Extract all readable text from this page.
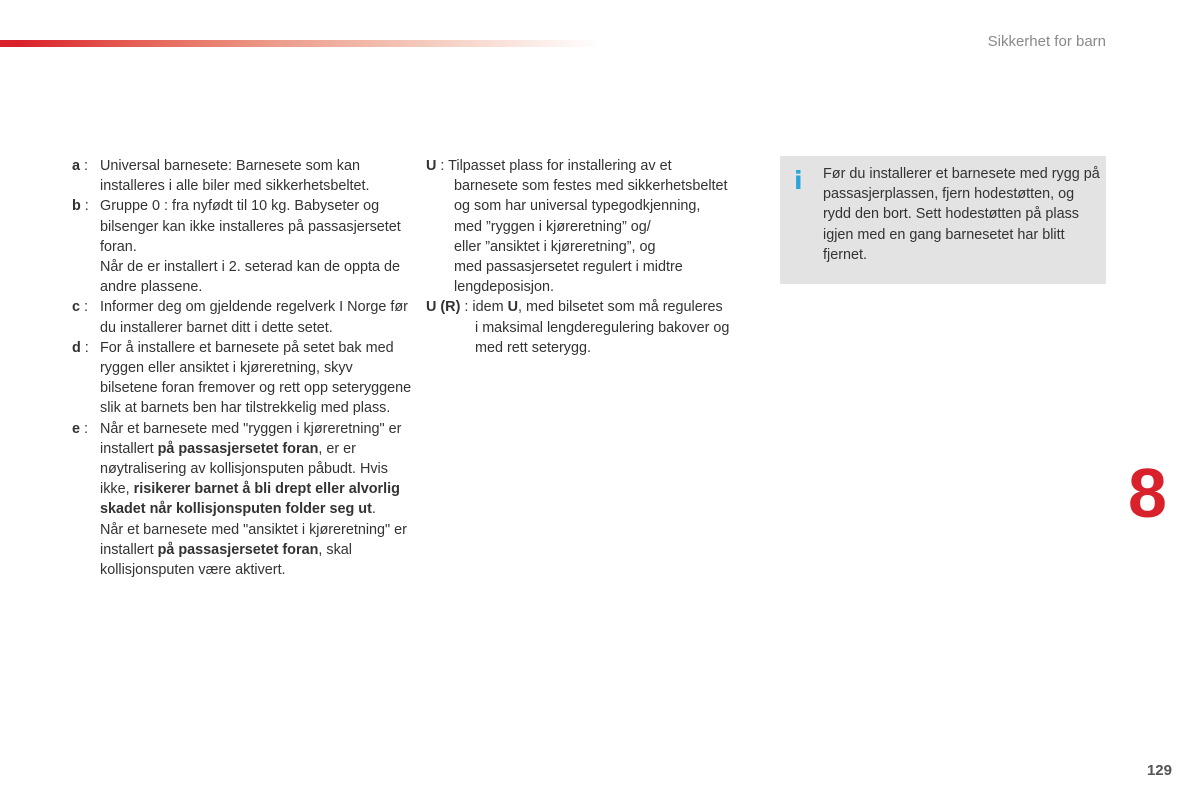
Sikkerhet for barn
a : Universal barnesete: Barnesete som kan installeres i alle biler med sikkerhetsbeltet.

b : Gruppe 0 : fra nyfødt til 10 kg. Babyseter og bilsenger kan ikke installeres på passasjersetet foran.

Når de er installert i 2. seterad kan de oppta de andre plassene.

c : Informer deg om gjeldende regelverk I Norge før du installerer barnet ditt i dette setet.

d : For å installere et barnesete på setet bak med ryggen eller ansiktet i kjøreretning, skyv bilsetene foran fremover og rett opp seteryggene slik at barnets ben har tilstrekkelig med plass.

e : Når et barnesete med "ryggen i kjøreretning" er installert på passasjersetet foran, er er nøytralisering av kollisjonsputen påbudt. Hvis ikke, risikerer barnet å bli drept eller alvorlig skadet når kollisjonsputen folder seg ut.

Når et barnesete med "ansiktet i kjøreretning" er installert på passasjersetet foran, skal kollisjonsputen være aktivert.

U : Tilpasset plass for installering av et
barnesete som festes med sikkerhetsbeltet
og som har universal typegodkjenning,
med ”ryggen i kjøreretning” og/
eller ”ansiktet i kjøreretning”, og
med passasjersetet regulert i midtre
lengdeposisjon.
U (R) : idem U, med bilsetet som må reguleres
i maksimal lengderegulering bakover og
med rett seterygg.
i	Før du installerer et barnesete med rygg på passasjerplassen, fjern hodestøtten, og rydd den bort. Sett hodestøtten på plass igjen med en gang barnesetet har blitt fjernet.
8
129
